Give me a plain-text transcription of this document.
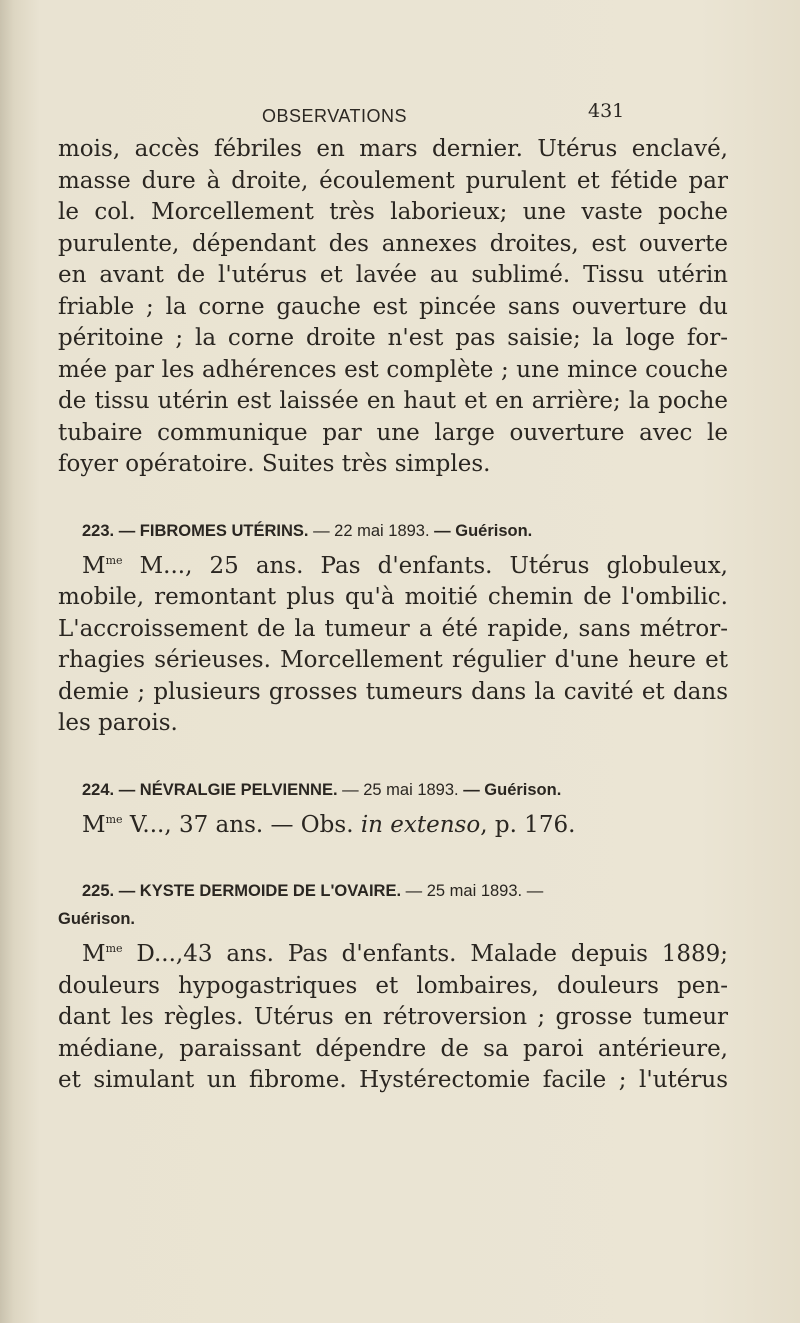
OBSERVATIONS	431

mois, accès fébriles en mars dernier. Utérus enclavé,
masse dure à droite, écoulement purulent et fétide par
le col. Morcellement très laborieux; une vaste poche
purulente, dépendant des annexes droites, est ouverte
en avant de l'utérus et lavée au sublimé. Tissu utérin
friable ; la corne gauche est pincée sans ouverture du
péritoine ; la corne droite n'est pas saisie; la loge for-
mée par les adhérences est complète ; une mince couche
de tissu utérin est laissée en haut et en arrière; la poche
tubaire communique par une large ouverture avec le
foyer opératoire. Suites très simples.

223. — FIBROMES UTÉRINS. — 22 mai 1893. — Guérison.

$M^{me}$ M..., 25 ans. Pas d'enfants. Utérus globuleux,
mobile, remontant plus qu'à moitié chemin de l'ombilic.
L'accroissement de la tumeur a été rapide, sans métror-
rhagies sérieuses. Morcellement régulier d'une heure et
demie ; plusieurs grosses tumeurs dans la cavité et dans
les parois.

224. — NÉVRALGIE PELVIENNE. — 25 mai 1893. — Guérison.

$M^{me}$ V..., 37 ans. — Obs. in extenso, p. 176.

225. — KYSTE DERMOIDE DE L'OVAIRE. — 25 mai 1893. —

Guérison.

$M^{me}$ D...,43 ans. Pas d'enfants. Malade depuis 1889;
douleurs hypogastriques et lombaires, douleurs pen-
dant les règles. Utérus en rétroversion ; grosse tumeur
médiane, paraissant dépendre de sa paroi antérieure,
et simulant un fibrome. Hystérectomie facile ; l'utérus
